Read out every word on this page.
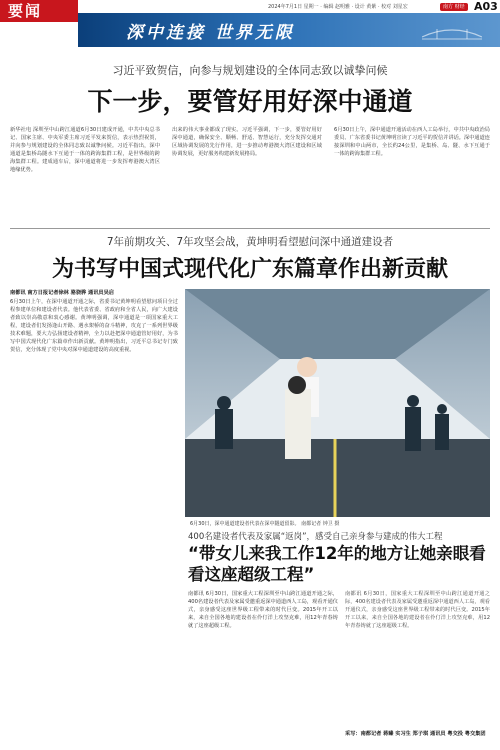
要闻	2024年7月1日 星期一 · 编辑 赵明雅 · 设计 黄紫 · 校对 刘星宏	南方 财经 A03
深中连接 世界无限
习近平致贺信，向参与规划建设的全体同志致以诚挚问候
下一步，要管好用好深中通道
新华社电 深圳至中山跨江通道6月30日建成开通，中共中央总书记、国家主席、中央军委主席习近平发来贺信，表示热烈祝贺，并向参与规划建设的全体同志致以诚挚问候。习近平指出，深中通道是集桥岛隧水下互通于一体的跨海集群工程，是世界级的跨海集群工程。建成通车后，深中通道将进一步发挥粤港澳大湾区地缘优势。
出来的伟大事业都成了现实。习近平强调，下一步，要管好用好深中通道，确保安全、顺畅、舒适、智慧运行，充分发挥交通对区域协调发展的先行作用，进一步推动粤港澳大湾区建设和区域协调发展，更好服务构建新发展格局。
6月30日上午，深中通道开通活动在西人工岛举行，中共中央政治局委员、广东省委书记黄坤明宣读了习近平的贺信并讲话。深中通道连接深圳和中山两市，全长约24公里，是集桥、岛、隧、水下互通于一体的跨海集群工程。
7年前期攻关、7年攻坚会战，黄坤明看望慰问深中通道建设者
为书写中国式现代化广东篇章作出新贡献
南都讯 南方日报记者徐林 骆骁骅 通讯员吴启
6月30日上午，在深中通道开通之际，省委书记黄坤明看望慰问项目全过程参建单位和建设者代表。他代表省委、省政府和全省人民，向广大建设者致以崇高敬意和衷心感谢。黄坤明强调，深中通道是一项国家重大工程，建设者们发扬逢山开路、遇水架桥的奋斗精神，攻克了一系列世界级技术难题，要大力弘扬建设者精神，全力以赴把深中通道管好用好，为书写中国式现代化广东篇章作出新贡献。黄坤明指出，习近平总书记专门致贺信，充分体现了党中央对深中通道建设的高度重视。
6月30日，深中通道建设者代表在深中隧道留影。 南都记者 钟卫 摄
400名建设者代表及家属“返岗”，感受自己亲身参与建成的伟大工程
“带女儿来我工作12年的地方让她亲眼看看这座超级工程”
南都讯 6月30日，国家重大工程深圳至中山跨江通道开通之际，400名建设者代表及家属受邀重返深中通道西人工岛，观看开通仪式，亲身感受这座世界级工程带来的时代巨变。2015年开工以来，来自全国各地的建设者在伶仃洋上攻坚克难，用12年青春铸就了这座超级工程。
南都讯 6月30日，国家重大工程深圳至中山跨江通道开通之际，400名建设者代表及家属受邀重返深中通道西人工岛，观看开通仪式，亲身感受这座世界级工程带来的时代巨变。2015年开工以来，来自全国各地的建设者在伶仃洋上攻坚克难，用12年青春铸就了这座超级工程。
采写：南都记者 蒋臻 实习生 郑子琪 通讯员 粤交投 粤交集团
